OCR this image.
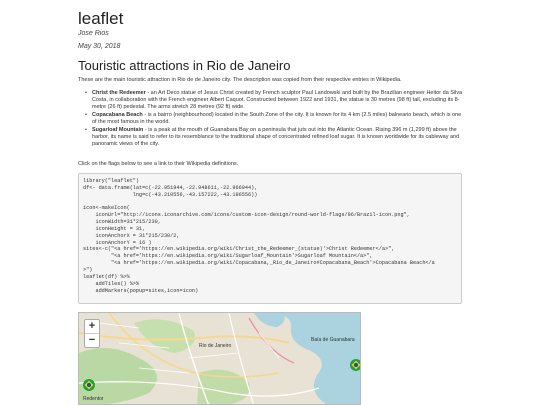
leaflet
Jose Rios
May 30, 2018
Touristic attractions in Rio de Janeiro

These are the main touristic attraction in Rio de de Janeiro city. The description was copied from their respective entries in Wikipedia.

• Christ the Redeemer - an Art Deco statue of Jesus Christ created by French sculptor Paul Landowski and built by the Brazilian engineer Heitor da Silva Costa, in collaboration with the French engineer Albert Caquot. Constructed between 1922 and 1931, the statue is 30 metres (98 ft) tall, excluding its 8-metre (26 ft) pedestal. The arms stretch 28 metres (92 ft) wide.
• Copacabana Beach - is a bairro (neighbourhood) located in the South Zone of the city. It is known for its 4 km (2.5 miles) balneario beach, which is one of the most famous in the world.
• Sugarloaf Mountain - is a peak at the mouth of Guanabara Bay on a peninsula that juts out into the Atlantic Ocean. Rising 396 m (1,299 ft) above the harbor, its name is said to refer to its resemblance to the traditional shape of concentrated refined loaf sugar. It is known worldwide for its cableway and panoramic views of the city.

Click on the flags below to see a link to their Wikipedia definitions.

library("leaflet")
df<- data.frame(lat=c(-22.951944,-22.948611,-22.966944),
lng=c(-43.210556,-43.157222,-43.186556))

icon<-makeIcon(
iconUrl="http://icons.iconarchive.com/icons/custom-icon-design/round-world-flags/96/Brazil-icon.png",
iconWidth=31*215/230,
iconHeight = 31,
iconAnchorX = 31*215/230/2,
iconAnchorY = 16 )
sites<-c("<a href='https://en.wikipedia.org/wiki/Christ_the_Redeemer_(statue)'>Christ Redeemer</a>",
"<a href='https://en.wikipedia.org/wiki/Sugarloaf_Mountain'>Sugarloaf Mountain</a>",
"<a href='https://en.wikipedia.org/wiki/Copacabana,_Rio_de_Janeiro#Copacabana_Beach'>Copacabana Beach</a
>")
leaflet(df) %>%
addTiles() %>%
addMarkers(popup=sites,icon=icon)
+
−	Baía de Guanabara
Rio de Janeiro
Redentor
